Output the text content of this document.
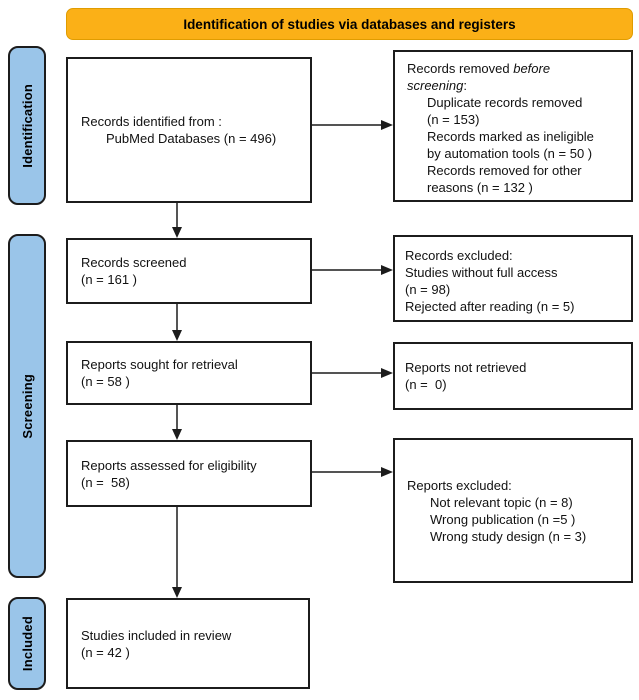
Identification of studies via databases and registers
Identification
Screening
Included
Records identified from :
PubMed Databases (n = 496)
Records screened
(n = 161 )
Reports sought for retrieval
(n = 58 )
Reports assessed for eligibility
(n =  58)
Studies included in review
(n = 42 )
Records removed before
screening:
Duplicate records removed
(n = 153)
Records marked as ineligible
by automation tools (n = 50 )
Records removed for other
reasons (n = 132 )
Records excluded:
Studies without full access
(n = 98)
Rejected after reading (n = 5)
Reports not retrieved
(n =  0)
Reports excluded:
Not relevant topic (n = 8)
Wrong publication (n =5 )
Wrong study design (n = 3)
